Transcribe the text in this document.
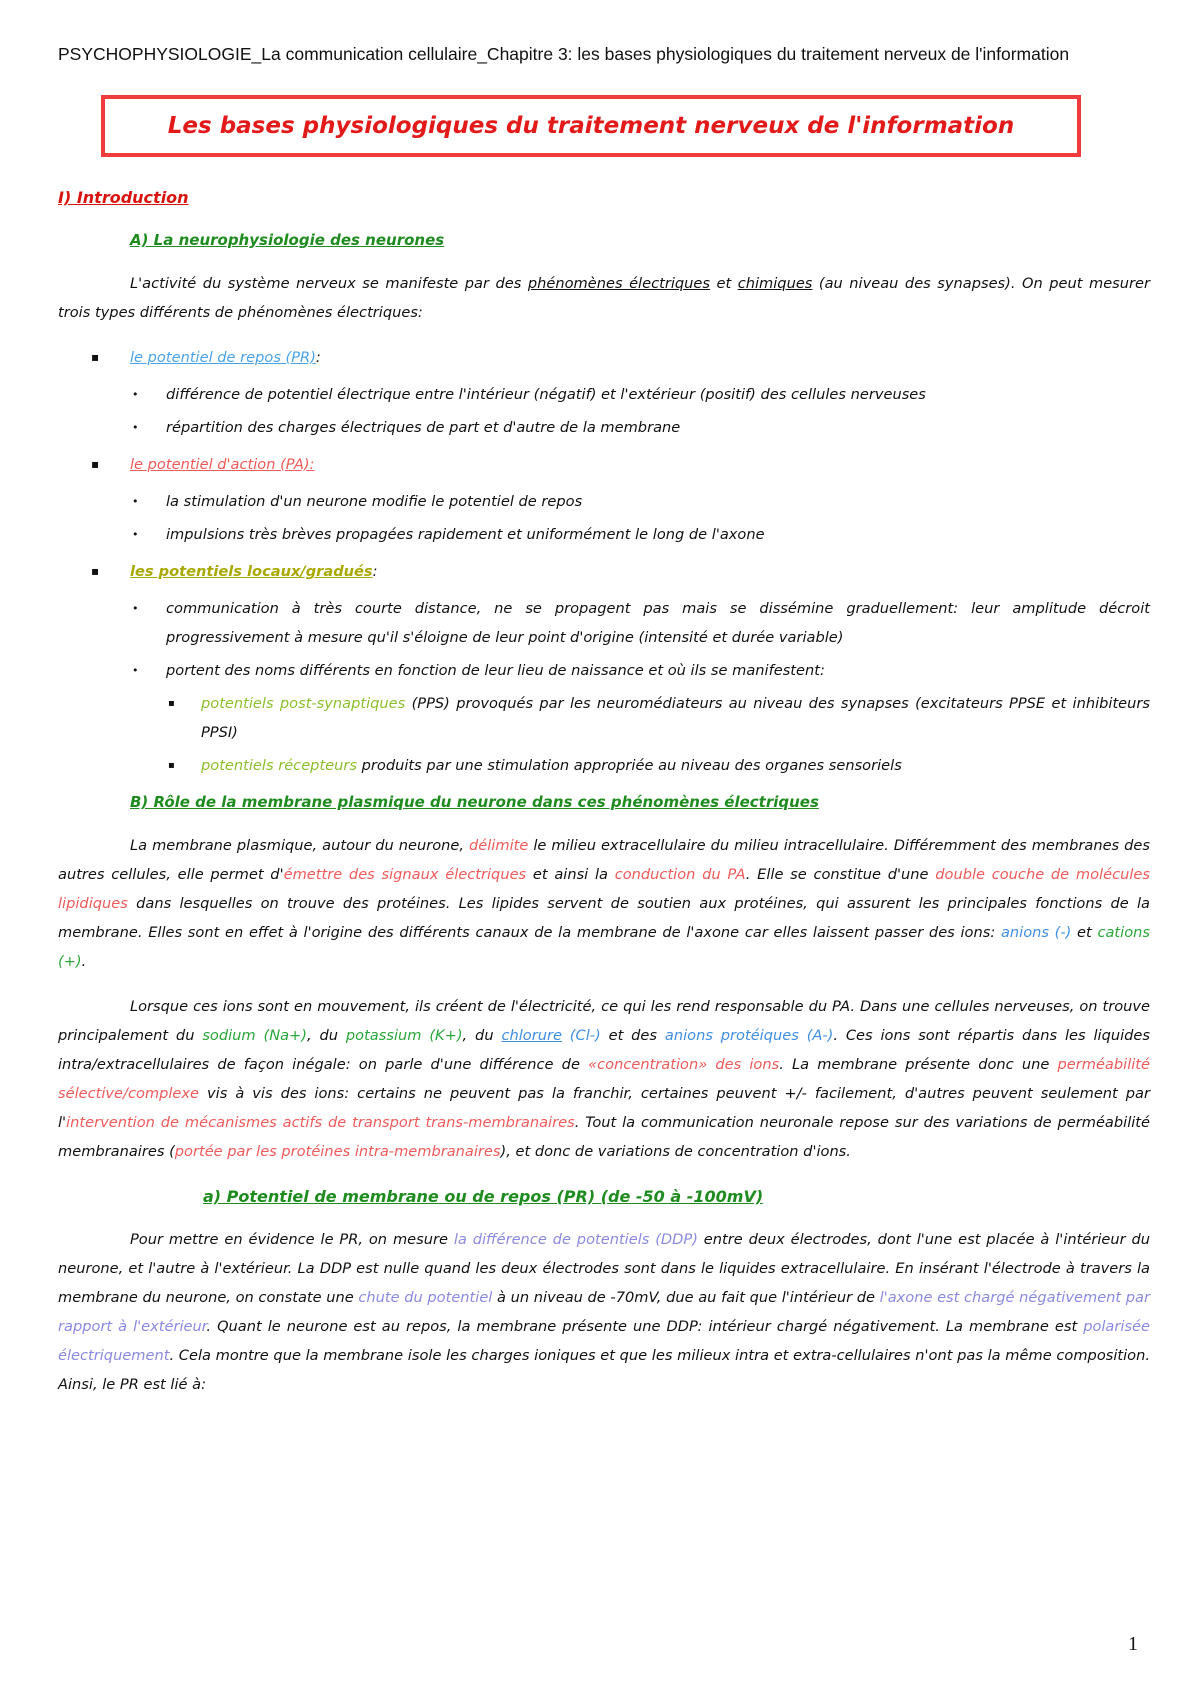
PSYCHOPHYSIOLOGIE_La communication cellulaire_Chapitre 3: les bases physiologiques du traitement nerveux de l'information
Les bases physiologiques du traitement nerveux de l'information
I) Introduction
A) La neurophysiologie des neurones

L'activité du système nerveux se manifeste par des phénomènes électriques et chimiques (au niveau des synapses). On peut mesurer trois types différents de phénomènes électriques:

▪ le potentiel de repos (PR):
• différence de potentiel électrique entre l'intérieur (négatif) et l'extérieur (positif) des cellules nerveuses
• répartition des charges électriques de part et d'autre de la membrane
▪ le potentiel d'action (PA):
• la stimulation d'un neurone modifie le potentiel de repos
• impulsions très brèves propagées rapidement et uniformément le long de l'axone
▪ les potentiels locaux/gradués:
• communication à très courte distance, ne se propagent pas mais se dissémine graduellement: leur amplitude décroit progressivement à mesure qu'il s'éloigne de leur point d'origine (intensité et durée variable)
• portent des noms différents en fonction de leur lieu de naissance et où ils se manifestent:
▪ potentiels post-synaptiques (PPS) provoqués par les neuromédiateurs au niveau des synapses (excitateurs PPSE et inhibiteurs PPSI)
▪ potentiels récepteurs produits par une stimulation appropriée au niveau des organes sensoriels
B) Rôle de la membrane plasmique du neurone dans ces phénomènes électriques

La membrane plasmique, autour du neurone, délimite le milieu extracellulaire du milieu intracellulaire. Différemment des membranes des autres cellules, elle permet d'émettre des signaux électriques et ainsi la conduction du PA. Elle se constitue d'une double couche de molécules lipidiques dans lesquelles on trouve des protéines. Les lipides servent de soutien aux protéines, qui assurent les principales fonctions de la membrane. Elles sont en effet à l'origine des différents canaux de la membrane de l'axone car elles laissent passer des ions: anions (-) et cations (+).

Lorsque ces ions sont en mouvement, ils créent de l'électricité, ce qui les rend responsable du PA. Dans une cellules nerveuses, on trouve principalement du sodium (Na+), du potassium (K+), du chlorure (Cl-) et des anions protéiques (A-). Ces ions sont répartis dans les liquides intra/extracellulaires de façon inégale: on parle d'une différence de «concentration» des ions. La membrane présente donc une perméabilité sélective/complexe vis à vis des ions: certains ne peuvent pas la franchir, certaines peuvent +/- facilement, d'autres peuvent seulement par l'intervention de mécanismes actifs de transport trans-membranaires. Tout la communication neuronale repose sur des variations de perméabilité membranaires (portée par les protéines intra-membranaires), et donc de variations de concentration d'ions.

a) Potentiel de membrane ou de repos (PR) (de -50 à -100mV)

Pour mettre en évidence le PR, on mesure la différence de potentiels (DDP) entre deux électrodes, dont l'une est placée à l'intérieur du neurone, et l'autre à l'extérieur. La DDP est nulle quand les deux électrodes sont dans le liquides extracellulaire. En insérant l'électrode à travers la membrane du neurone, on constate une chute du potentiel à un niveau de -70mV, due au fait que l'intérieur de l'axone est chargé négativement par rapport à l'extérieur. Quant le neurone est au repos, la membrane présente une DDP: intérieur chargé négativement. La membrane est polarisée électriquement. Cela montre que la membrane isole les charges ioniques et que les milieux intra et extra-cellulaires n'ont pas la même composition. Ainsi, le PR est lié à:

1
